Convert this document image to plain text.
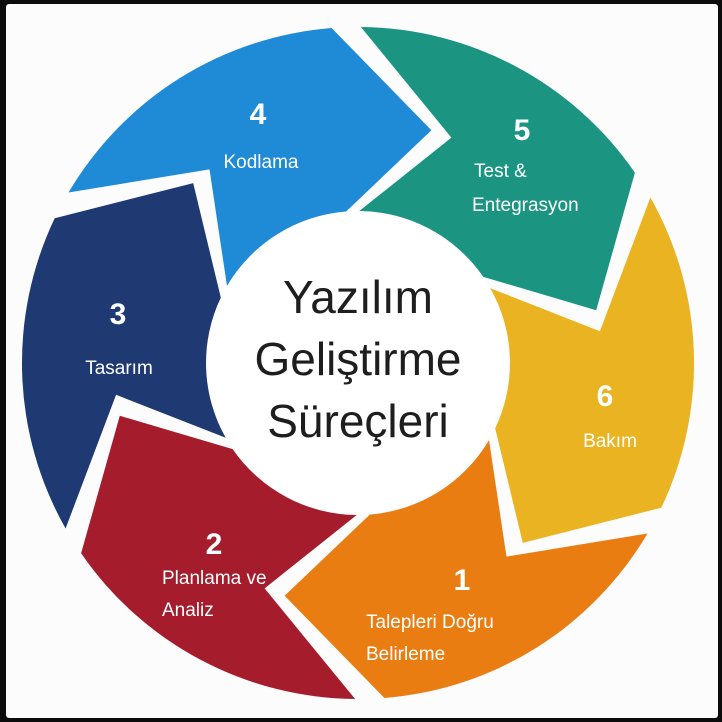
1
Talepleri Doğru
Belirleme
2
Planlama ve
Analiz
3
Tasarım
4
Kodlama
5
Test &
Entegrasyon
6
Bakım
Yazılım
Geliştirme
Süreçleri
